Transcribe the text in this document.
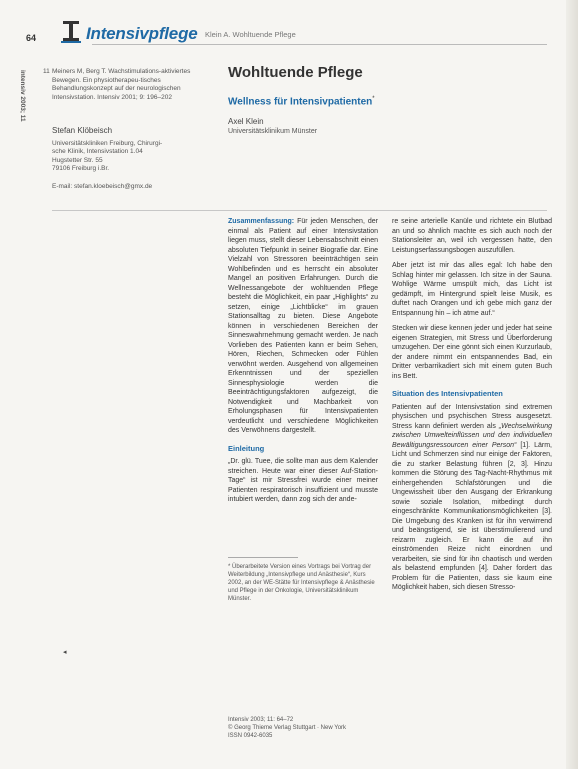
64	Intensivpflege Klein A. Wohltuende Pflege
intensiv 2003; 11	11 Meiners M, Berg T. Wachstimulations-aktiviertes Bewegen. Ein physiotherapeu-tisches Behandlungskonzept auf der neurologischen Intensivstation. Intensiv 2001; 9: 196–202
Stefan Klöbeisch
Universitätskliniken Freiburg, Chirurgi-
sche Klinik, Intensivstation 1.04
Hugstetter Str. 55
79106 Freiburg i.Br.
E-mail: stefan.kloebeisch@gmx.de
Wohltuende Pflege
Wellness für Intensivpatienten*
Axel Klein
Universitätsklinikum Münster

Zusammenfassung: Für jeden Menschen, der einmal als Patient auf einer Intensivstation liegen muss, stellt dieser Lebensabschnitt einen absoluten Tiefpunkt in seiner Biografie dar. Eine Vielzahl von Stressoren beeinträchtigen sein Wohlbefinden und es herrscht ein absoluter Mangel an positiven Erfahrungen. Durch die Wellnessangebote der wohltuenden Pflege besteht die Möglichkeit, ein paar „Highlights“ zu setzen, einige „Lichtblicke“ im grauen Stationsalltag zu bieten. Diese Angebote können in verschiedenen Bereichen der Sinneswahrnehmung gemacht werden. Je nach Vorlieben des Patienten kann er beim Sehen, Hören, Riechen, Schmecken oder Fühlen verwöhnt werden. Ausgehend von allgemeinen Erkenntnissen und der speziellen Sinnesphysiologie werden die Beeinträchtigungsfaktoren aufgezeigt, die Notwendigkeit und Machbarkeit von Erholungsphasen für Intensivpatienten verdeutlicht und verschiedene Möglichkeiten des Verwöhnens dargestellt.

Einleitung

„Dr. glü. Tuee, die sollte man aus dem Kalender streichen. Heute war einer dieser Auf-Station-Tage“ ist mir Stressfrei wurde einer meiner Patienten respiratorisch insuffizient und musste intubiert werden, dann zog sich der ande-

* Überarbeitete Version eines Vortrags bei Vortrag der Weiterbildung „Intensivpflege und Anästhesie“, Kurs 2002, an der WE-Stätte für Intensivpflege & Anästhesie und Pflege in der Onkologie, Universitätsklinikum Münster.
Intensiv 2003; 11: 64–72
© Georg Thieme Verlag Stuttgart · New York
ISSN 0942-6035
◂

re seine arterielle Kanüle und richtete ein Blutbad an und so ähnlich machte es sich auch noch der Stationsleiter an, weil ich vergessen hatte, den Leistungserfassungsbogen auszufüllen.

Aber jetzt ist mir das alles egal: Ich habe den Schlag hinter mir gelassen. Ich sitze in der Sauna. Wohlige Wärme umspült mich, das Licht ist gedämpft, im Hintergrund spielt leise Musik, es duftet nach Orangen und ich gebe mich ganz der Entspannung hin – ich atme auf.“

Stecken wir diese kennen jeder und jeder hat seine eigenen Strategien, mit Stress und Überforderung umzugehen. Der eine gönnt sich einen Kurzurlaub, der andere nimmt ein entspannendes Bad, ein Dritter verbarrikadiert sich mit einem guten Buch ins Bett.

Situation des Intensivpatienten

Patienten auf der Intensivstation sind extremen physischen und psychischen Stress ausgesetzt. Stress kann definiert werden als „Wechselwirkung zwischen Umwelteinflüssen und den individuellen Bewältigungsressourcen einer Person“ [1]. Lärm, Licht und Schmerzen sind nur einige der Faktoren, die zu starker Belastung führen [2, 3]. Hinzu kommen die Störung des Tag-Nacht-Rhythmus mit einhergehenden Schlafstörungen und die Ungewissheit über den Ausgang der Erkrankung sowie soziale Isolation, mitbedingt durch eingeschränkte Kommunikationsmöglichkeiten [3]. Die Umgebung des Kranken ist für ihn verwirrend und beängstigend, sie ist überstimulierend und reizarm zugleich. Er kann die auf ihn einströmenden Reize nicht einordnen und verarbeiten, sie sind für ihn chaotisch und werden als belastend empfunden [4]. Daher fordert das Problem für die Patienten, dass sie kaum eine Möglichkeit haben, sich diesen Stresso-
